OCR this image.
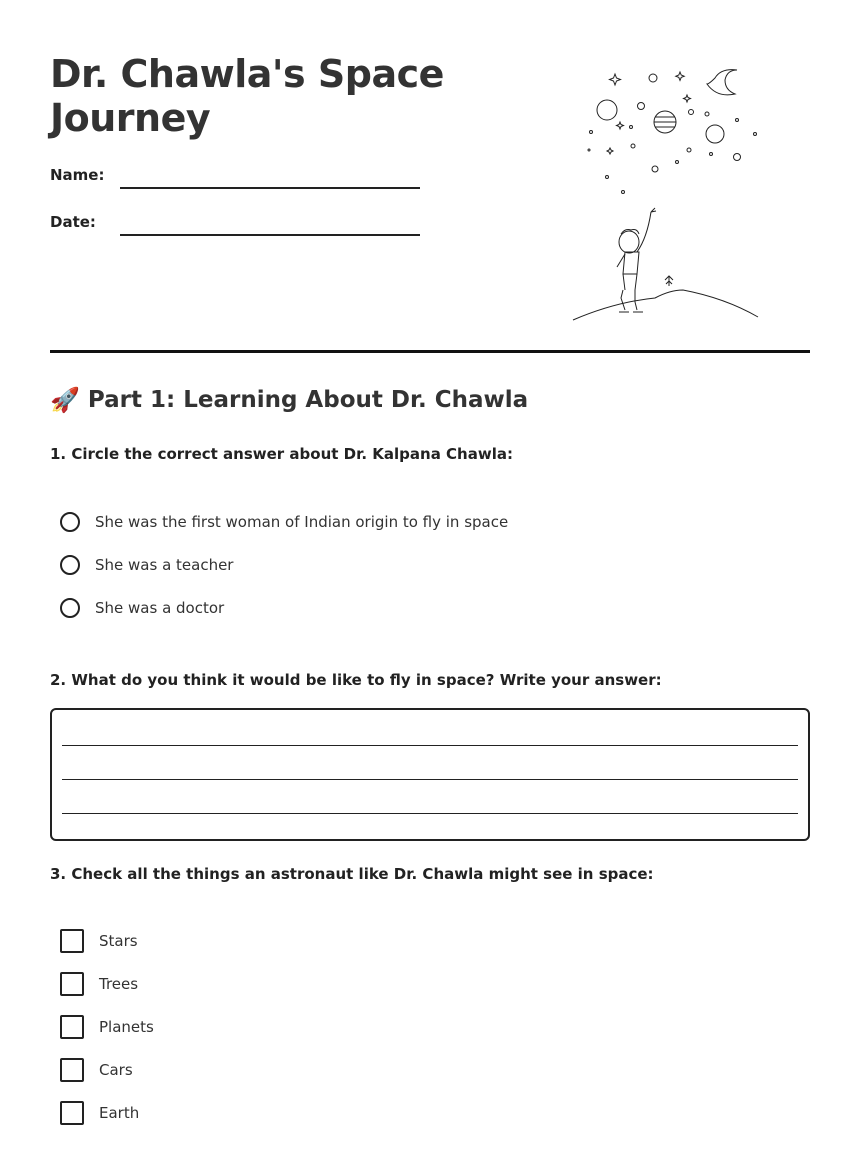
Dr. Chawla's Space Journey
Name:
Date:
🚀 Part 1: Learning About Dr. Chawla
1. Circle the correct answer about Dr. Kalpana Chawla:
She was the first woman of Indian origin to fly in space
She was a teacher
She was a doctor
2. What do you think it would be like to fly in space? Write your answer:
3. Check all the things an astronaut like Dr. Chawla might see in space:
Stars
Trees
Planets
Cars
Earth
